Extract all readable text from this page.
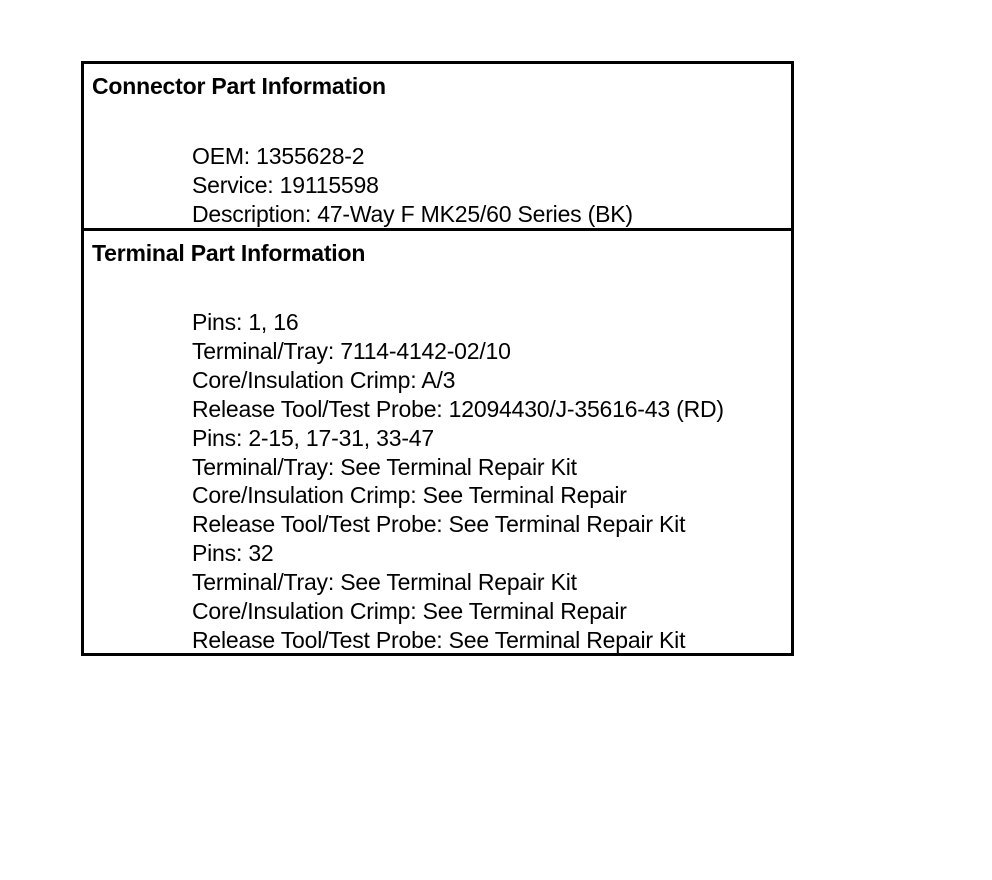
Connector Part Information
OEM: 1355628-2
Service: 19115598
Description: 47-Way F MK25/60 Series (BK)
Terminal Part Information
Pins: 1, 16
Terminal/Tray: 7114-4142-02/10
Core/Insulation Crimp: A/3
Release Tool/Test Probe: 12094430/J-35616-43 (RD)
Pins: 2-15, 17-31, 33-47
Terminal/Tray: See Terminal Repair Kit
Core/Insulation Crimp: See Terminal Repair
Release Tool/Test Probe: See Terminal Repair Kit
Pins: 32
Terminal/Tray: See Terminal Repair Kit
Core/Insulation Crimp: See Terminal Repair
Release Tool/Test Probe: See Terminal Repair Kit
